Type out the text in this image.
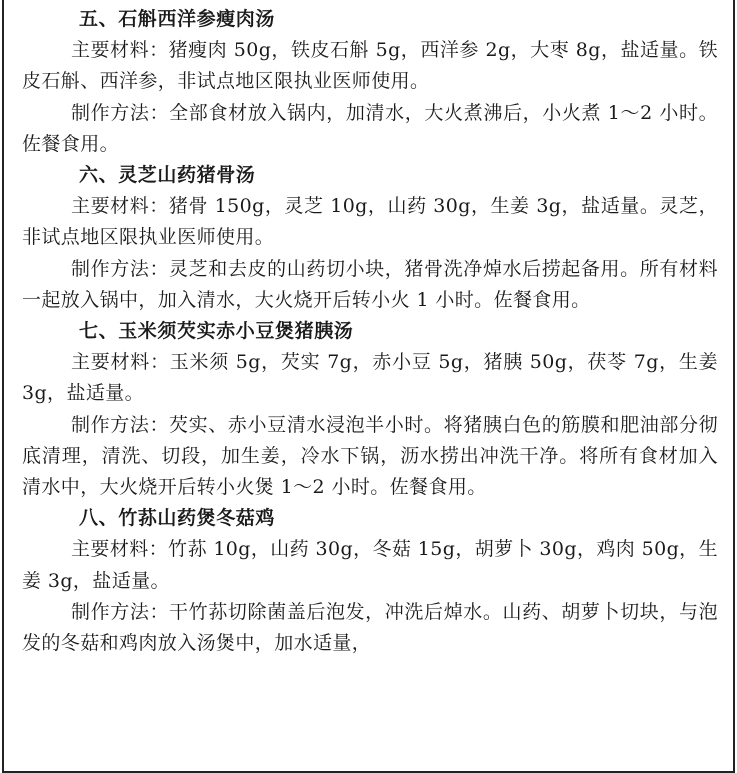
五、石斛西洋参瘦肉汤

主要材料：猪瘦肉 50g，铁皮石斛 5g，西洋参 2g，大枣 8g，盐适量。铁皮石斛、西洋参，非试点地区限执业医师使用。

制作方法：全部食材放入锅内，加清水，大火煮沸后，小火煮 1～2 小时。佐餐食用。

六、灵芝山药猪骨汤

主要材料：猪骨 150g，灵芝 10g，山药 30g，生姜 3g，盐适量。灵芝，非试点地区限执业医师使用。

制作方法：灵芝和去皮的山药切小块，猪骨洗净焯水后捞起备用。所有材料一起放入锅中，加入清水，大火烧开后转小火 1 小时。佐餐食用。

七、玉米须芡实赤小豆煲猪胰汤

主要材料：玉米须 5g，芡实 7g，赤小豆 5g，猪胰 50g，茯苓 7g，生姜 3g，盐适量。

制作方法：芡实、赤小豆清水浸泡半小时。将猪胰白色的筋膜和肥油部分彻底清理，清洗、切段，加生姜，冷水下锅，沥水捞出冲洗干净。将所有食材加入清水中，大火烧开后转小火煲 1～2 小时。佐餐食用。

八、竹荪山药煲冬菇鸡

主要材料：竹荪 10g，山药 30g，冬菇 15g，胡萝卜 30g，鸡肉 50g，生姜 3g，盐适量。

制作方法：干竹荪切除菌盖后泡发，冲洗后焯水。山药、胡萝卜切块，与泡发的冬菇和鸡肉放入汤煲中，加水适量，
